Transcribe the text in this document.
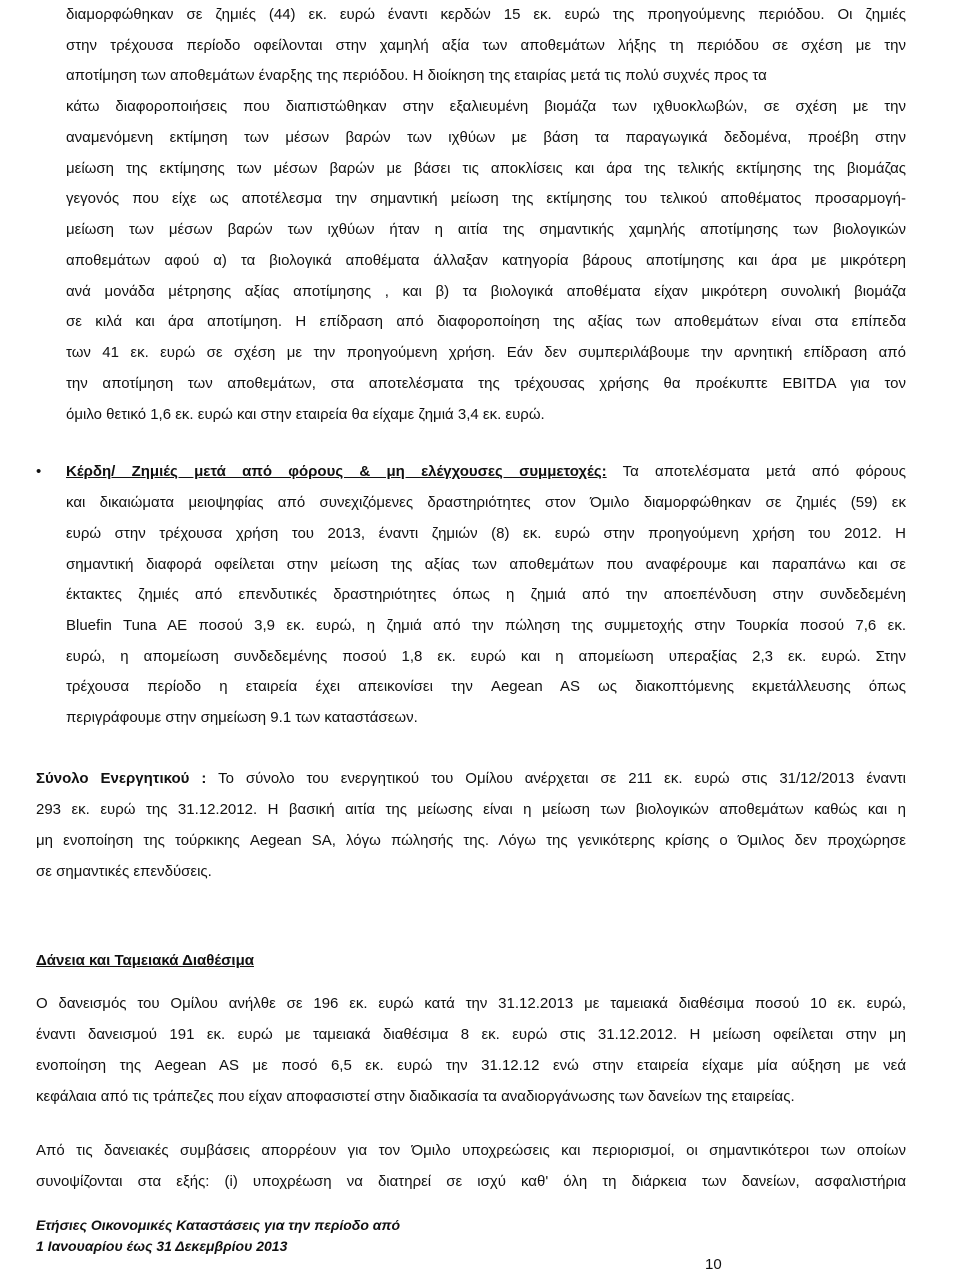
διαμορφώθηκαν σε ζημιές (44) εκ. ευρώ έναντι κερδών 15 εκ. ευρώ της προηγούμενης περιόδου. Οι ζημιές
στην τρέχουσα περίοδο οφείλονται στην χαμηλή αξία των αποθεμάτων λήξης τη περιόδου σε σχέση με την
αποτίμηση των αποθεμάτων έναρξης της περιόδου. Η διοίκηση της εταιρίας μετά τις πολύ συχνές προς τα
κάτω διαφοροποιήσεις που διαπιστώθηκαν στην εξαλιευμένη βιομάζα των ιχθυοκλωβών, σε σχέση με την
αναμενόμενη εκτίμηση των μέσων βαρών των ιχθύων με βάση τα παραγωγικά δεδομένα, προέβη στην
μείωση της εκτίμησης των μέσων βαρών με βάσει τις αποκλίσεις και άρα της τελικής εκτίμησης της βιομάζας
γεγονός που είχε ως αποτέλεσμα την σημαντική μείωση της εκτίμησης του τελικού αποθέματος προσαρμογή-
μείωση των μέσων βαρών των ιχθύων ήταν η αιτία της σημαντικής χαμηλής αποτίμησης των βιολογικών
αποθεμάτων αφού α) τα βιολογικά αποθέματα άλλαξαν κατηγορία βάρους αποτίμησης και άρα με μικρότερη
ανά μονάδα μέτρησης αξίας αποτίμησης , και β) τα βιολογικά αποθέματα είχαν μικρότερη συνολική βιομάζα
σε κιλά και άρα αποτίμηση. Η επίδραση από διαφοροποίηση της αξίας των αποθεμάτων είναι στα επίπεδα
των 41 εκ. ευρώ σε σχέση με την προηγούμενη χρήση. Εάν δεν συμπεριλάβουμε την αρνητική επίδραση από
την αποτίμηση των αποθεμάτων, στα αποτελέσματα της τρέχουσας χρήσης θα προέκυπτε EBITDA για τον
όμιλο θετικό 1,6 εκ. ευρώ και στην εταιρεία θα είχαμε ζημιά 3,4 εκ. ευρώ.
• Κέρδη/ Ζημιές μετά από φόρους & μη ελέγχουσες συμμετοχές: Τα αποτελέσματα μετά από φόρους
και δικαιώματα μειοψηφίας από συνεχιζόμενες δραστηριότητες στον Όμιλο διαμορφώθηκαν σε ζημιές (59) εκ
ευρώ στην τρέχουσα χρήση του 2013, έναντι ζημιών (8) εκ. ευρώ στην προηγούμενη χρήση του 2012. Η
σημαντική διαφορά οφείλεται στην μείωση της αξίας των αποθεμάτων που αναφέρουμε και παραπάνω και σε
έκτακτες ζημιές από επενδυτικές δραστηριότητες όπως η ζημιά από την αποεπένδυση στην συνδεδεμένη
Bluefin Tuna AE ποσού 3,9 εκ. ευρώ, η ζημιά από την πώληση της συμμετοχής στην Τουρκία ποσού 7,6 εκ.
ευρώ, η απομείωση συνδεδεμένης ποσού 1,8 εκ. ευρώ και η απομείωση υπεραξίας 2,3 εκ. ευρώ. Στην
τρέχουσα περίοδο η εταιρεία έχει απεικονίσει την Aegean AS ως διακοπτόμενης εκμετάλλευσης όπως
περιγράφουμε στην σημείωση 9.1 των καταστάσεων.
Σύνολο Ενεργητικού : Το σύνολο του ενεργητικού του Ομίλου ανέρχεται σε 211 εκ. ευρώ στις 31/12/2013 έναντι
293 εκ. ευρώ της 31.12.2012. Η βασική αιτία της μείωσης είναι η μείωση των βιολογικών αποθεμάτων καθώς και η
μη ενοποίηση της τούρκικης Aegean SA, λόγω πώλησής της. Λόγω της γενικότερης κρίσης ο Όμιλος δεν προχώρησε
σε σημαντικές επενδύσεις.
Δάνεια και Ταμειακά Διαθέσιμα
Ο δανεισμός του Ομίλου ανήλθε σε 196 εκ. ευρώ κατά την 31.12.2013 με ταμειακά διαθέσιμα ποσού 10 εκ. ευρώ,
έναντι δανεισμού 191 εκ. ευρώ με ταμειακά διαθέσιμα 8 εκ. ευρώ στις 31.12.2012. Η μείωση οφείλεται στην μη
ενοποίηση της Aegean AS με ποσό 6,5 εκ. ευρώ την 31.12.12 ενώ στην εταιρεία είχαμε μία αύξηση με νεά
κεφάλαια από τις τράπεζες που είχαν αποφασιστεί στην διαδικασία τα αναδιοργάνωσης των δανείων της εταιρείας.
Από τις δανειακές συμβάσεις απορρέουν για τον Όμιλο υποχρεώσεις και περιορισμοί, οι σημαντικότεροι των οποίων
συνοψίζονται στα εξής: (i) υποχρέωση να διατηρεί σε ισχύ καθ' όλη τη διάρκεια των δανείων, ασφαλιστήρια
Ετήσιες Οικονομικές Καταστάσεις για την περίοδο από
1 Ιανουαρίου έως 31 Δεκεμβρίου 2013
10
